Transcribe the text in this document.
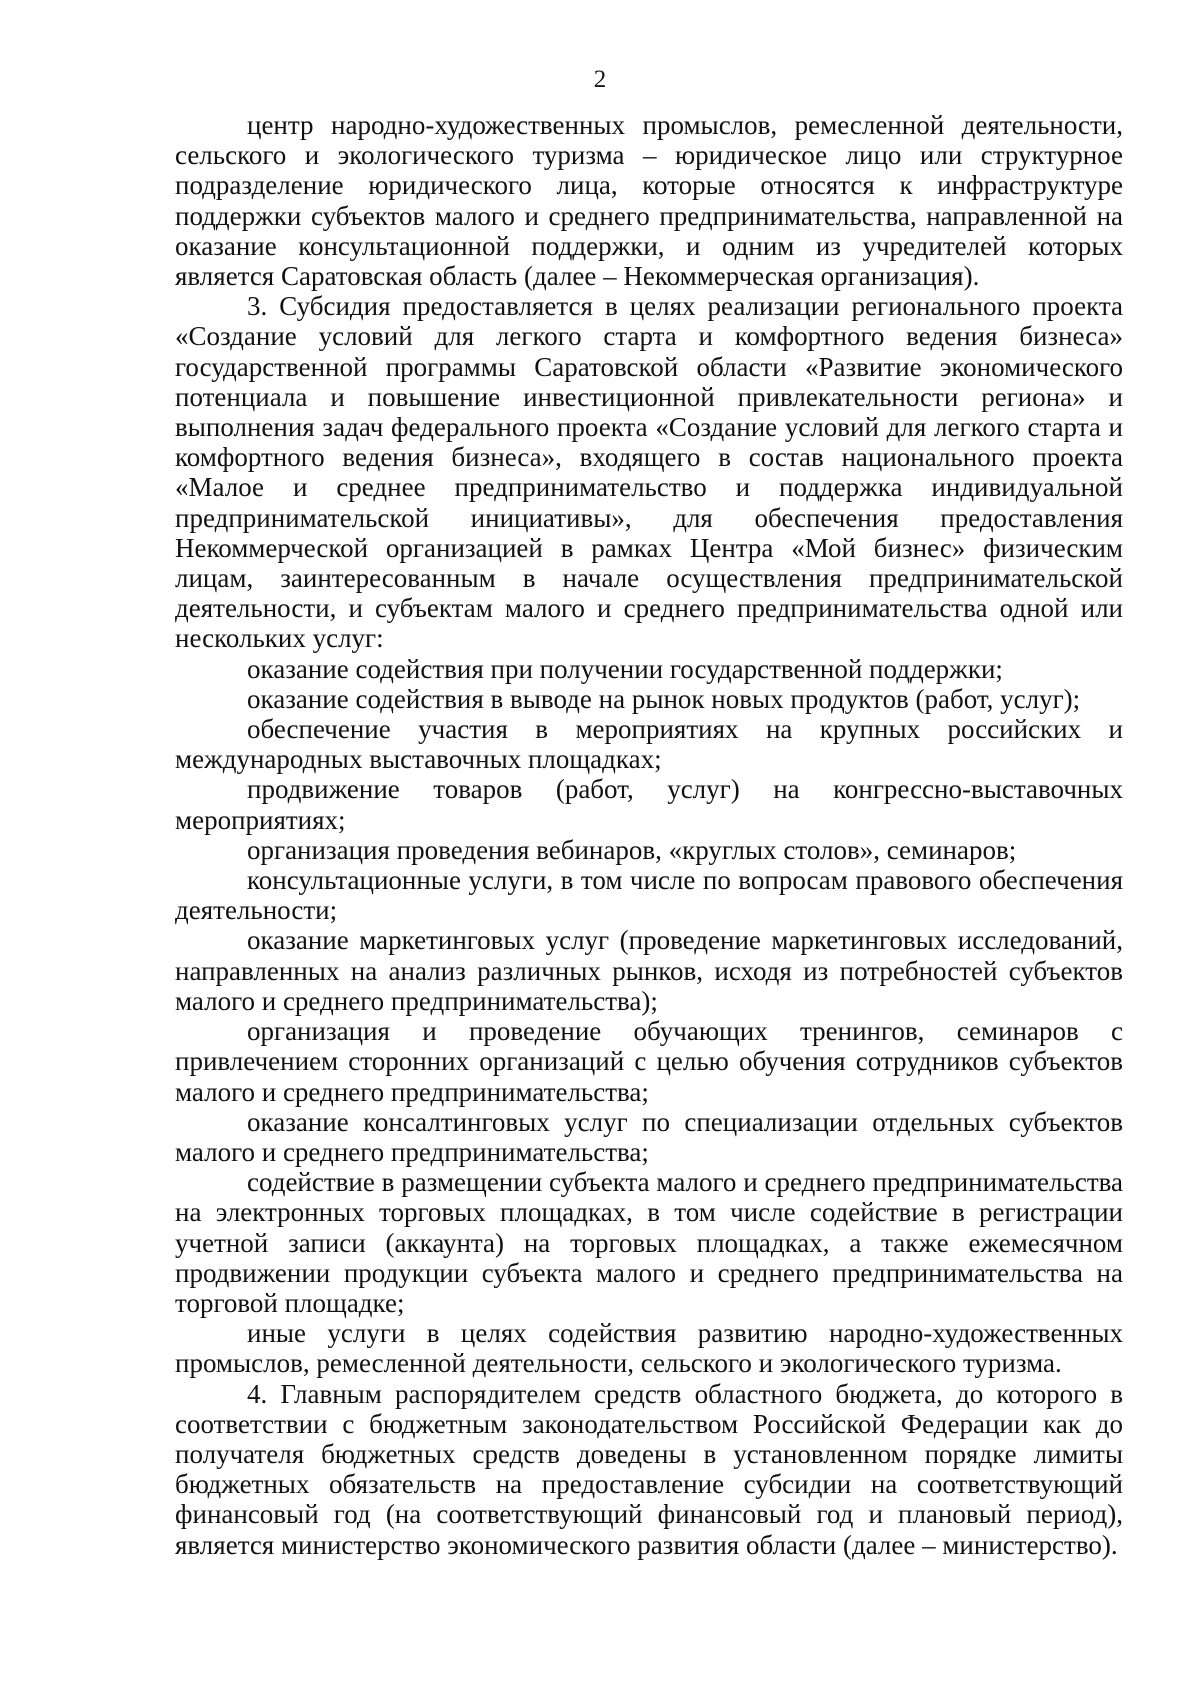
2

центр народно-художественных промыслов, ремесленной деятельности, сельского и экологического туризма – юридическое лицо или структурное подразделение юридического лица, которые относятся к инфраструктуре поддержки субъектов малого и среднего предпринимательства, направленной на оказание консультационной поддержки, и одним из учредителей которых является Саратовская область (далее – Некоммерческая организация).

3. Субсидия предоставляется в целях реализации регионального проекта «Создание условий для легкого старта и комфортного ведения бизнеса» государственной программы Саратовской области «Развитие экономического потенциала и повышение инвестиционной привлекательности региона» и выполнения задач федерального проекта «Создание условий для легкого старта и комфортного ведения бизнеса», входящего в состав национального проекта «Малое и среднее предпринимательство и поддержка индивидуальной предпринимательской инициативы», для обеспечения предоставления Некоммерческой организацией в рамках Центра «Мой бизнес» физическим лицам, заинтересованным в начале осуществления предпринимательской деятельности, и субъектам малого и среднего предпринимательства одной или нескольких услуг:

оказание содействия при получении государственной поддержки;

оказание содействия в выводе на рынок новых продуктов (работ, услуг);

обеспечение участия в мероприятиях на крупных российских и международных выставочных площадках;

продвижение товаров (работ, услуг) на конгрессно-выставочных мероприятиях;

организация проведения вебинаров, «круглых столов», семинаров;

консультационные услуги, в том числе по вопросам правового обеспечения деятельности;

оказание маркетинговых услуг (проведение маркетинговых исследований, направленных на анализ различных рынков, исходя из потребностей субъектов малого и среднего предпринимательства);

организация и проведение обучающих тренингов, семинаров с привлечением сторонних организаций с целью обучения сотрудников субъектов малого и среднего предпринимательства;

оказание консалтинговых услуг по специализации отдельных субъектов малого и среднего предпринимательства;

содействие в размещении субъекта малого и среднего предпринимательства на электронных торговых площадках, в том числе содействие в регистрации учетной записи (аккаунта) на торговых площадках, а также ежемесячном продвижении продукции субъекта малого и среднего предпринимательства на торговой площадке;

иные услуги в целях содействия развитию народно-художественных промыслов, ремесленной деятельности, сельского и экологического туризма.

4. Главным распорядителем средств областного бюджета, до которого в соответствии с бюджетным законодательством Российской Федерации как до получателя бюджетных средств доведены в установленном порядке лимиты бюджетных обязательств на предоставление субсидии на соответствующий финансовый год (на соответствующий финансовый год и плановый период), является министерство экономического развития области (далее – министерство).
